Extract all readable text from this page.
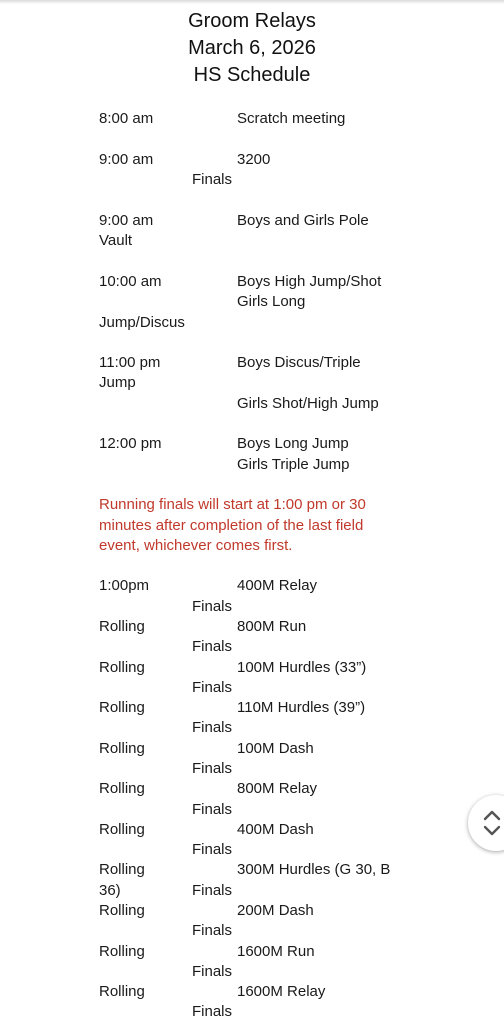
Groom Relays
March 6, 2026
HS Schedule
8:00 am	Scratch meeting
9:00 am	3200
Finals
9:00 am	Boys and Girls Pole
Vault
10:00 am	Boys High Jump/Shot
Girls Long
Jump/Discus
11:00 pm	Boys Discus/Triple
Jump
Girls Shot/High Jump
12:00 pm	Boys Long Jump
Girls Triple Jump
Running finals will start at 1:00 pm or 30
minutes after completion of the last field
event, whichever comes first.
1:00pm	400M Relay
Finals
Rolling	800M Run
Finals
Rolling	100M Hurdles (33”)
Finals
Rolling	110M Hurdles (39”)
Finals
Rolling	100M Dash
Finals
Rolling	800M Relay
Finals
Rolling	400M Dash
Finals
Rolling	300M Hurdles (G 30, B
36)	Finals
Rolling	200M Dash
Finals
Rolling	1600M Run
Finals
Rolling	1600M Relay
Finals
